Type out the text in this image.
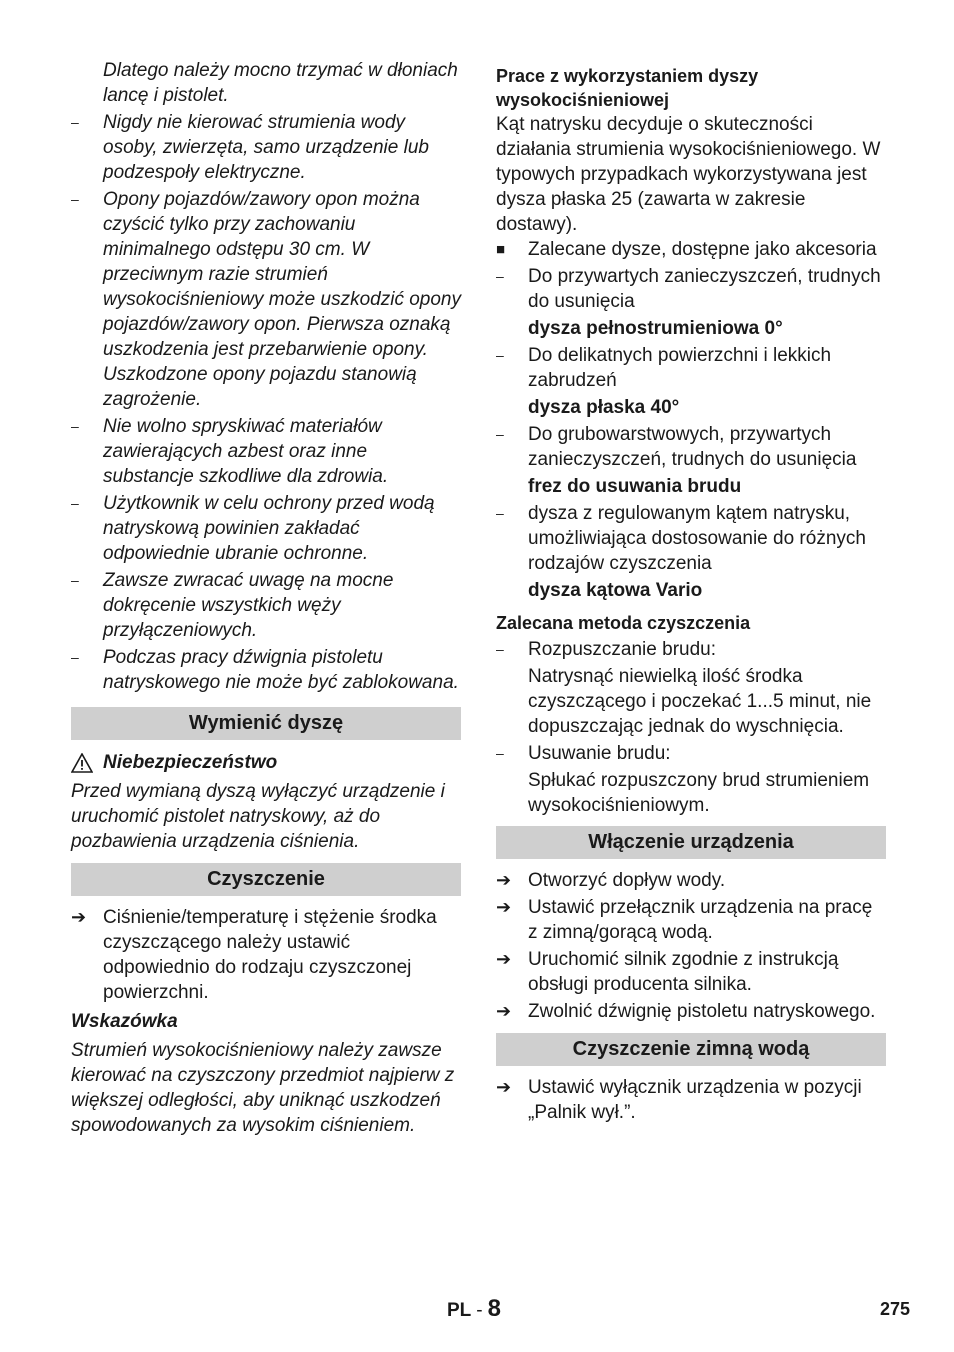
Dlatego należy mocno trzymać w dłoniach lancę i pistolet.

– Nigdy nie kierować strumienia wody osoby, zwierzęta, samo urządzenie lub podzespoły elektryczne.

– Opony pojazdów/zawory opon można czyścić tylko przy zachowaniu minimalnego odstępu 30 cm. W przeciwnym razie strumień wysokociśnieniowy może uszkodzić opony pojazdów/zawory opon. Pierwsza oznaką uszkodzenia jest przebarwienie opony. Uszkodzone opony pojazdu stanowią zagrożenie.

– Nie wolno spryskiwać materiałów zawierających azbest oraz inne substancje szkodliwe dla zdrowia.

– Użytkownik w celu ochrony przed wodą natryskową powinien zakładać odpowiednie ubranie ochronne.

– Zawsze zwracać uwagę na mocne dokręcenie wszystkich węży przyłączeniowych.

– Podczas pracy dźwignia pistoletu natryskowego nie może być zablokowana.

Wymienić dyszę
Niebezpieczeństwo

Przed wymianą dyszą wyłączyć urządzenie i uruchomić pistolet natryskowy, aż do pozbawienia urządzenia ciśnienia.

Czyszczenie

➔ Ciśnienie/temperaturę i stężenie środka czyszczącego należy ustawić odpowiednio do rodzaju czyszczonej powierzchni.

Wskazówka

Strumień wysokociśnieniowy należy zawsze kierować na czyszczony przedmiot najpierw z większej odległości, aby uniknąć uszkodzeń spowodowanych za wysokim ciśnieniem.

Prace z wykorzystaniem dyszy wysokociśnieniowej

Kąt natrysku decyduje o skuteczności działania strumienia wysokociśnieniowego. W typowych przypadkach wykorzystywana jest dysza płaska 25 (zawarta w zakresie dostawy).

■ Zalecane dysze, dostępne jako akcesoria

– Do przywartych zanieczyszczeń, trudnych do usunięcia

dysza pełnostrumieniowa 0°

– Do delikatnych powierzchni i lekkich zabrudzeń

dysza płaska 40°

– Do grubowarstwowych, przywartych zanieczyszczeń, trudnych do usunięcia

frez do usuwania brudu

– dysza z regulowanym kątem natrysku, umożliwiająca dostosowanie do różnych rodzajów czyszczenia

dysza kątowa Vario

Zalecana metoda czyszczenia

– Rozpuszczanie brudu:

Natrysnąć niewielką ilość środka czyszczącego i poczekać 1...5 minut, nie dopuszczając jednak do wyschnięcia.

– Usuwanie brudu:

Spłukać rozpuszczony brud strumieniem wysokociśnieniowym.

Włączenie urządzenia

➔ Otworzyć dopływ wody.

➔ Ustawić przełącznik urządzenia na pracę z zimną/gorącą wodą.

➔ Uruchomić silnik zgodnie z instrukcją obsługi producenta silnika.

➔ Zwolnić dźwignię pistoletu natryskowego.

Czyszczenie zimną wodą

➔ Ustawić wyłącznik urządzenia w pozycji „Palnik wył.”.

PL - 8	275
